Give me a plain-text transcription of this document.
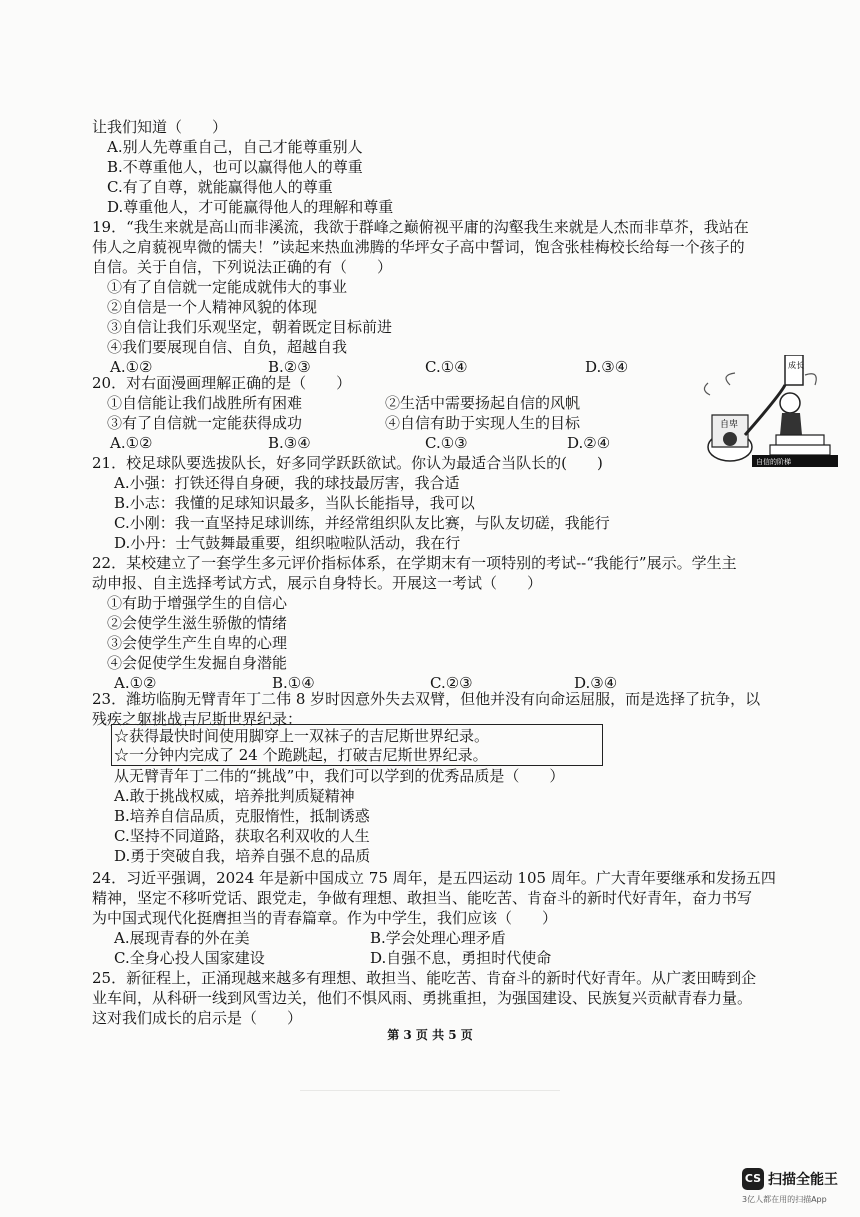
让我们知道（　　）
A.别人先尊重自己，自己才能尊重别人
B.不尊重他人，也可以赢得他人的尊重
C.有了自尊，就能赢得他人的尊重
D.尊重他人，才可能赢得他人的理解和尊重
19．“我生来就是高山而非溪流，我欲于群峰之巅俯视平庸的沟壑我生来就是人杰而非草芥，我站在
伟人之肩藐视卑微的懦夫！”读起来热血沸腾的华坪女子高中誓词，饱含张桂梅校长给每一个孩子的
自信。关于自信，下列说法正确的有（　　）
①有了自信就一定能成就伟大的事业
②自信是一个人精神风貌的体现
③自信让我们乐观坚定，朝着既定目标前进
④我们要展现自信、自负，超越自我
20．对右面漫画理解正确的是（　　）
①自信能让我们战胜所有困难	②生活中需要扬起自信的风帆
③有了自信就一定能获得成功	④自信有助于实现人生的目标
21．校足球队要选拔队长，好多同学跃跃欲试。你认为最适合当队长的(　　)
A.小强：打铁还得自身硬，我的球技最厉害，我合适
B.小志：我懂的足球知识最多，当队长能指导，我可以
C.小刚：我一直坚持足球训练，并经常组织队友比赛，与队友切磋，我能行
D.小丹：士气鼓舞最重要，组织啦啦队活动，我在行
22．某校建立了一套学生多元评价指标体系，在学期末有一项特别的考试--“我能行”展示。学生主
动申报、自主选择考试方式，展示自身特长。开展这一考试（　　）
①有助于增强学生的自信心
②会使学生滋生骄傲的情绪
③会使学生产生自卑的心理
④会促使学生发掘自身潜能
23．潍坊临朐无臂青年丁二伟 8 岁时因意外失去双臂，但他并没有向命运屈服，而是选择了抗争，以
残疾之躯挑战吉尼斯世界纪录：
☆获得最快时间使用脚穿上一双袜子的吉尼斯世界纪录。
☆一分钟内完成了 24 个跪跳起，打破吉尼斯世界纪录。
从无臂青年丁二伟的“挑战”中，我们可以学到的优秀品质是（　　）
A.敢于挑战权威，培养批判质疑精神
B.培养自信品质，克服惰性，抵制诱惑
C.坚持不同道路，获取名利双收的人生
D.勇于突破自我，培养自强不息的品质
24．习近平强调，2024 年是新中国成立 75 周年，是五四运动 105 周年。广大青年要继承和发扬五四
精神，坚定不移听党话、跟党走，争做有理想、敢担当、能吃苦、肯奋斗的新时代好青年，奋力书写
为中国式现代化挺膺担当的青春篇章。作为中学生，我们应该（　　）
A.展现青春的外在美	B.学会处理心理矛盾
C.全身心投人国家建设	D.自强不息，勇担时代使命
25．新征程上，正涌现越来越多有理想、敢担当、能吃苦、肯奋斗的新时代好青年。从广袤田畴到企
业车间，从科研一线到风雪边关，他们不惧风雨、勇挑重担，为强国建设、民族复兴贡献青春力量。
这对我们成长的启示是（　　）
A.①②	B.②③	C.①④	D.③④
A.①②	B.③④	C.①③	D.②④
A.①②	B.①④	C.②③	D.③④
自卑
成长
自信的阶梯
第 3 页 共 5 页
CS 扫描全能王
3亿人都在用的扫描App
